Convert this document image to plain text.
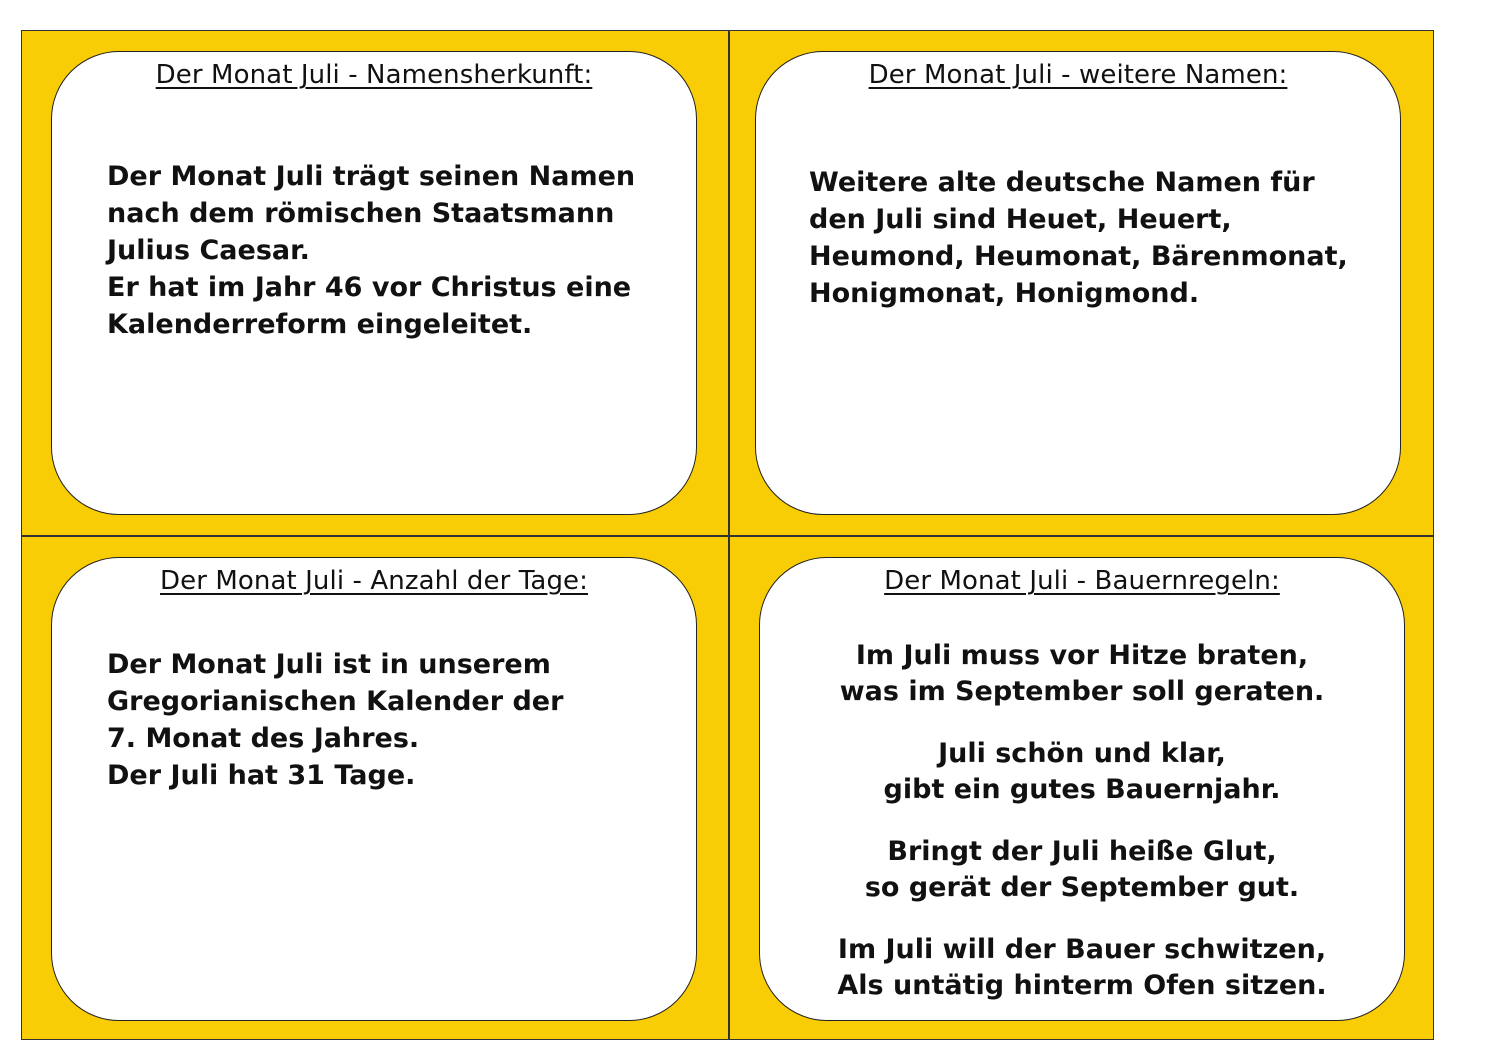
Der Monat Juli - Namensherkunft:
Der Monat Juli trägt seinen Namen
nach dem römischen Staatsmann
Julius Caesar.
Er hat im Jahr 46 vor Christus eine
Kalenderreform eingeleitet.
Der Monat Juli - weitere Namen:
Weitere alte deutsche Namen für
den Juli sind Heuet, Heuert,
Heumond, Heumonat, Bärenmonat,
Honigmonat, Honigmond.
Der Monat Juli - Anzahl der Tage:
Der Monat Juli ist in unserem
Gregorianischen Kalender der
7. Monat des Jahres.
Der Juli hat 31 Tage.
Der Monat Juli - Bauernregeln:
Im Juli muss vor Hitze braten,
was im September soll geraten.
Juli schön und klar,
gibt ein gutes Bauernjahr.
Bringt der Juli heiße Glut,
so gerät der September gut.
Im Juli will der Bauer schwitzen,
Als untätig hinterm Ofen sitzen.
